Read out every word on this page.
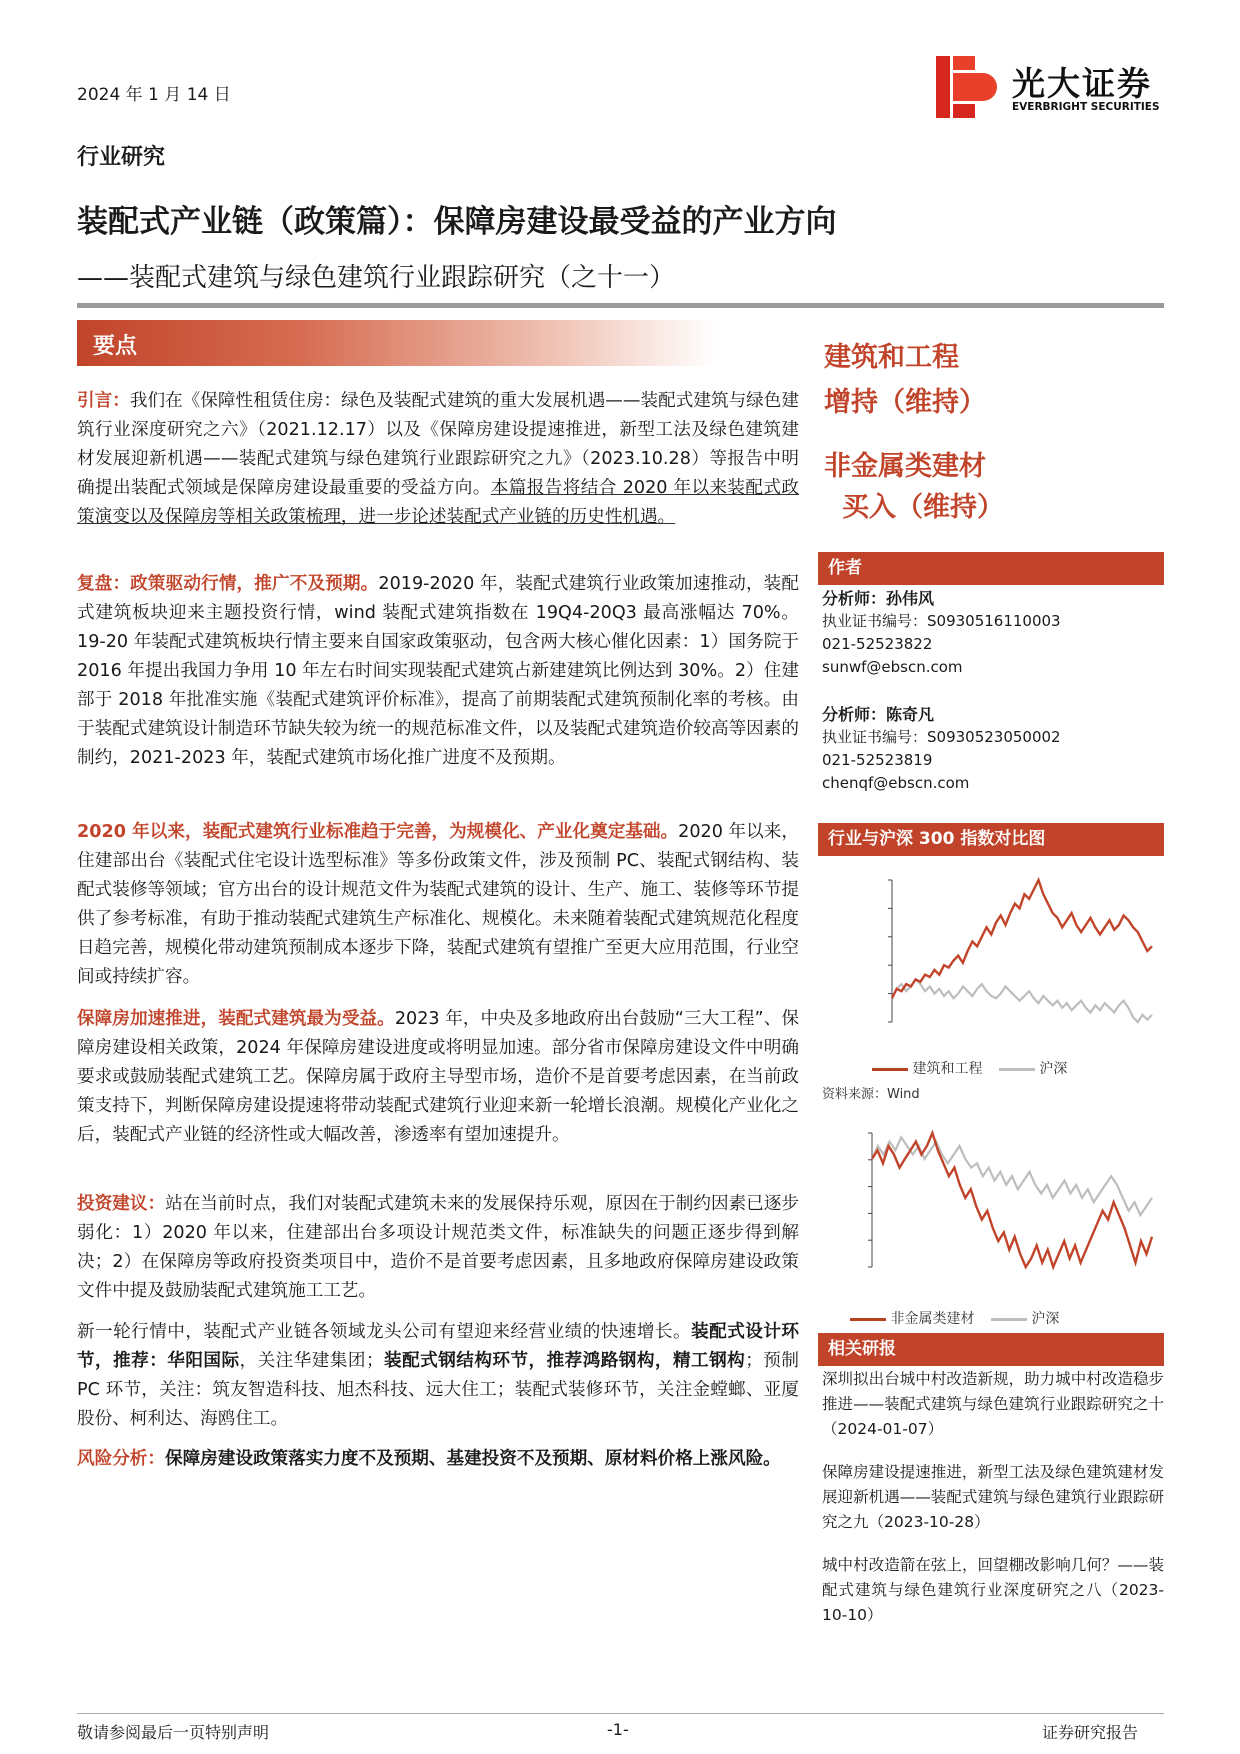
2024 年 1 月 14 日	光大证券
EVERBRIGHT SECURITIES
行业研究
装配式产业链（政策篇）：保障房建设最受益的产业方向
——装配式建筑与绿色建筑行业跟踪研究（之十一）
要点

引言：我们在《保障性租赁住房：绿色及装配式建筑的重大发展机遇——装配式建筑与绿色建筑行业深度研究之六》（2021.12.17）以及《保障房建设提速推进，新型工法及绿色建筑建材发展迎新机遇——装配式建筑与绿色建筑行业跟踪研究之九》（2023.10.28）等报告中明确提出装配式领域是保障房建设最重要的受益方向。本篇报告将结合 2020 年以来装配式政策演变以及保障房等相关政策梳理，进一步论述装配式产业链的历史性机遇。

复盘：政策驱动行情，推广不及预期。2019-2020 年，装配式建筑行业政策加速推动，装配式建筑板块迎来主题投资行情，wind 装配式建筑指数在 19Q4-20Q3 最高涨幅达 70%。19-20 年装配式建筑板块行情主要来自国家政策驱动，包含两大核心催化因素：1）国务院于 2016 年提出我国力争用 10 年左右时间实现装配式建筑占新建建筑比例达到 30%。2）住建部于 2018 年批准实施《装配式建筑评价标准》，提高了前期装配式建筑预制化率的考核。由于装配式建筑设计制造环节缺失较为统一的规范标准文件，以及装配式建筑造价较高等因素的制约，2021-2023 年，装配式建筑市场化推广进度不及预期。

2020 年以来，装配式建筑行业标准趋于完善，为规模化、产业化奠定基础。2020 年以来，住建部出台《装配式住宅设计选型标准》等多份政策文件，涉及预制 PC、装配式钢结构、装配式装修等领域；官方出台的设计规范文件为装配式建筑的设计、生产、施工、装修等环节提供了参考标准，有助于推动装配式建筑生产标准化、规模化。未来随着装配式建筑规范化程度日趋完善，规模化带动建筑预制成本逐步下降，装配式建筑有望推广至更大应用范围，行业空间或持续扩容。

保障房加速推进，装配式建筑最为受益。2023 年，中央及多地政府出台鼓励“三大工程”、保障房建设相关政策，2024 年保障房建设进度或将明显加速。部分省市保障房建设文件中明确要求或鼓励装配式建筑工艺。保障房属于政府主导型市场，造价不是首要考虑因素，在当前政策支持下，判断保障房建设提速将带动装配式建筑行业迎来新一轮增长浪潮。规模化产业化之后，装配式产业链的经济性或大幅改善，渗透率有望加速提升。

投资建议：站在当前时点，我们对装配式建筑未来的发展保持乐观，原因在于制约因素已逐步弱化：1）2020 年以来，住建部出台多项设计规范类文件，标准缺失的问题正逐步得到解决；2）在保障房等政府投资类项目中，造价不是首要考虑因素，且多地政府保障房建设政策文件中提及鼓励装配式建筑施工工艺。

新一轮行情中，装配式产业链各领域龙头公司有望迎来经营业绩的快速增长。装配式设计环节，推荐：华阳国际，关注华建集团；装配式钢结构环节，推荐鸿路钢构，精工钢构；预制 PC 环节，关注：筑友智造科技、旭杰科技、远大住工；装配式装修环节，关注金螳螂、亚厦股份、柯利达、海鸥住工。

风险分析：保障房建设政策落实力度不及预期、基建投资不及预期、原材料价格上涨风险。

建筑和工程
增持（维持）
非金属类建材
买入（维持）
作者
分析师：孙伟风
执业证书编号：S0930516110003
021-52523822
sunwf@ebscn.com
分析师：陈奇凡
执业证书编号：S0930523050002
021-52523819
chenqf@ebscn.com
行业与沪深 300 指数对比图
建筑和工程	沪深
资料来源：Wind
非金属类建材	沪深
相关研报
深圳拟出台城中村改造新规，助力城中村改造稳步推进——装配式建筑与绿色建筑行业跟踪研究之十（2024-01-07）
保障房建设提速推进，新型工法及绿色建筑建材发展迎新机遇——装配式建筑与绿色建筑行业跟踪研究之九（2023-10-28）
城中村改造箭在弦上，回望棚改影响几何？——装配式建筑与绿色建筑行业深度研究之八（2023-10-10）
敬请参阅最后一页特别声明	-1-	证券研究报告
